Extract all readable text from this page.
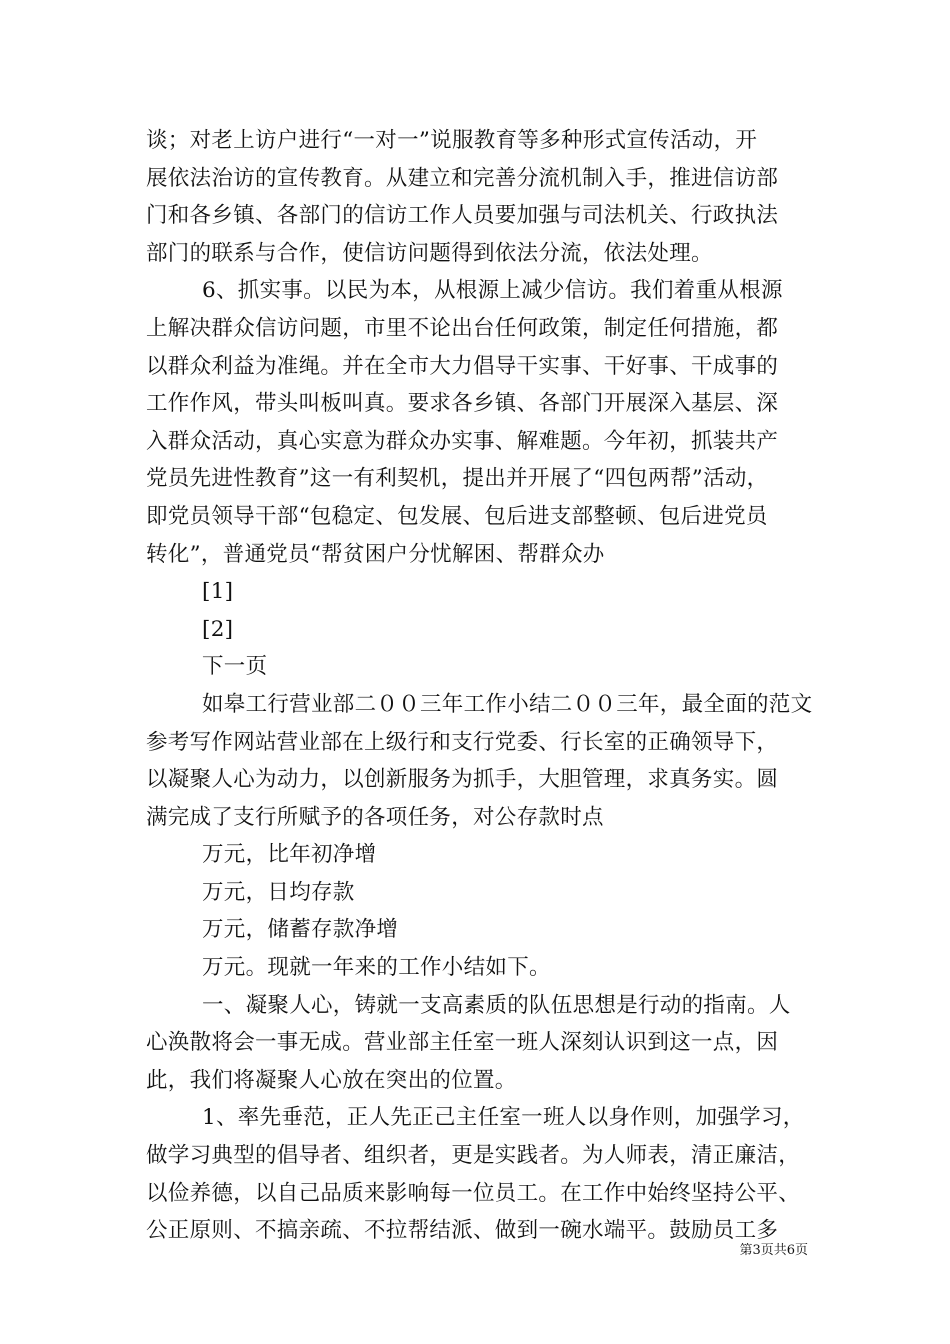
谈；对老上访户进行“一对一”说服教育等多种形式宣传活动，开
展依法治访的宣传教育。从建立和完善分流机制入手，推进信访部
门和各乡镇、各部门的信访工作人员要加强与司法机关、行政执法
部门的联系与合作，使信访问题得到依法分流，依法处理。
6、抓实事。以民为本，从根源上减少信访。我们着重从根源
上解决群众信访问题，市里不论出台任何政策，制定任何措施，都
以群众利益为准绳。并在全市大力倡导干实事、干好事、干成事的
工作作风，带头叫板叫真。要求各乡镇、各部门开展深入基层、深
入群众活动，真心实意为群众办实事、解难题。今年初，抓装共产
党员先进性教育”这一有利契机，提出并开展了“四包两帮”活动，
即党员领导干部“包稳定、包发展、包后进支部整顿、包后进党员
转化”，普通党员“帮贫困户分忧解困、帮群众办
[1]
[2]
下一页
如皋工行营业部二００三年工作小结二００三年，最全面的范文
参考写作网站营业部在上级行和支行党委、行长室的正确领导下，
以凝聚人心为动力，以创新服务为抓手，大胆管理，求真务实。圆
满完成了支行所赋予的各项任务，对公存款时点
万元，比年初净增
万元，日均存款
万元，储蓄存款净增
万元。现就一年来的工作小结如下。
一、凝聚人心，铸就一支高素质的队伍思想是行动的指南。人
心涣散将会一事无成。营业部主任室一班人深刻认识到这一点，因
此，我们将凝聚人心放在突出的位置。
1、率先垂范，正人先正己主任室一班人以身作则，加强学习，
做学习典型的倡导者、组织者，更是实践者。为人师表，清正廉洁，
以俭养德，以自己品质来影响每一位员工。在工作中始终坚持公平、
公正原则、不搞亲疏、不拉帮结派、做到一碗水端平。鼓励员工多
第3页共6页
